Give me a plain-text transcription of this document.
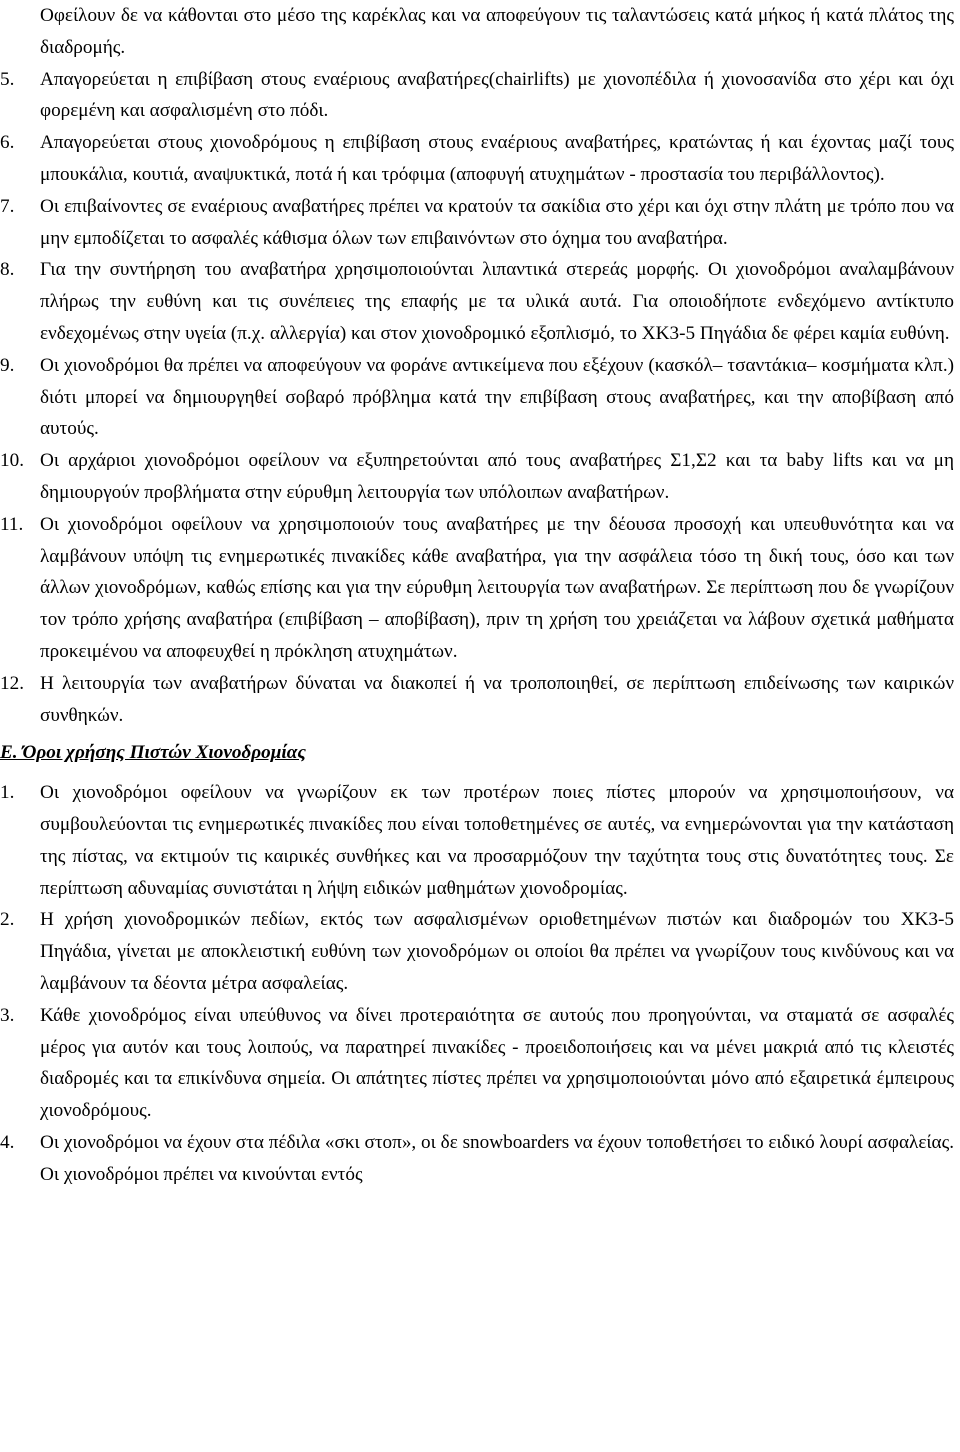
Οφείλουν δε να κάθονται στο μέσο της καρέκλας και να αποφεύγουν τις ταλαντώσεις κατά μήκος ή κατά πλάτος της διαδρομής.

5.	Απαγορεύεται η επιβίβαση στους εναέριους αναβατήρες(chairlifts) με χιονοπέδιλα ή χιονοσανίδα στο χέρι και όχι φορεμένη και ασφαλισμένη στο πόδι.
6.	Απαγορεύεται στους χιονοδρόμους η επιβίβαση στους εναέριους αναβατήρες, κρατώντας ή και έχοντας μαζί τους μπουκάλια, κουτιά, αναψυκτικά, ποτά ή και τρόφιμα (αποφυγή ατυχημάτων - προστασία του περιβάλλοντος).
7.	Οι επιβαίνοντες σε εναέριους αναβατήρες πρέπει να κρατούν τα σακίδια στο χέρι και όχι στην πλάτη με τρόπο που να μην εμποδίζεται το ασφαλές κάθισμα όλων των επιβαινόντων στο όχημα του αναβατήρα.
8.	Για την συντήρηση του αναβατήρα χρησιμοποιούνται λιπαντικά στερεάς μορφής. Οι χιονοδρόμοι αναλαμβάνουν πλήρως την ευθύνη και τις συνέπειες της επαφής με τα υλικά αυτά. Για οποιοδήποτε ενδεχόμενο αντίκτυπο ενδεχομένως στην υγεία (π.χ. αλλεργία) και στον χιονοδρομικό εξοπλισμό, το ΧΚ3-5 Πηγάδια δε φέρει καμία ευθύνη.
9.	Οι χιονοδρόμοι θα πρέπει να αποφεύγουν να φοράνε αντικείμενα που εξέχουν (κασκόλ– τσαντάκια– κοσμήματα κλπ.) διότι μπορεί να δημιουργηθεί σοβαρό πρόβλημα κατά την επιβίβαση στους αναβατήρες, και την αποβίβαση από αυτούς.
10. Οι αρχάριοι χιονοδρόμοι οφείλουν να εξυπηρετούνται από τους αναβατήρες Σ1,Σ2 και τα baby lifts και να μη δημιουργούν προβλήματα στην εύρυθμη λειτουργία των υπόλοιπων αναβατήρων.
11. Οι χιονοδρόμοι οφείλουν να χρησιμοποιούν τους αναβατήρες με την δέουσα προσοχή και υπευθυνότητα και να λαμβάνουν υπόψη τις ενημερωτικές πινακίδες κάθε αναβατήρα, για την ασφάλεια τόσο τη δική τους, όσο και των άλλων χιονοδρόμων, καθώς επίσης και για την εύρυθμη λειτουργία των αναβατήρων. Σε περίπτωση που δε γνωρίζουν τον τρόπο χρήσης αναβατήρα (επιβίβαση – αποβίβαση), πριν τη χρήση του χρειάζεται να λάβουν σχετικά μαθήματα προκειμένου να αποφευχθεί η πρόκληση ατυχημάτων.
12. Η λειτουργία των αναβατήρων δύναται να διακοπεί ή να τροποποιηθεί, σε περίπτωση επιδείνωσης των καιρικών συνθηκών.
Ε. Όροι χρήσης Πιστών Χιονοδρομίας
1.	Οι χιονοδρόμοι οφείλουν να γνωρίζουν εκ των προτέρων ποιες πίστες μπορούν να χρησιμοποιήσουν, να συμβουλεύονται τις ενημερωτικές πινακίδες που είναι τοποθετημένες σε αυτές, να ενημερώνονται για την κατάσταση της πίστας, να εκτιμούν τις καιρικές συνθήκες και να προσαρμόζουν την ταχύτητα τους στις δυνατότητες τους. Σε περίπτωση αδυναμίας συνιστάται η λήψη ειδικών μαθημάτων χιονοδρομίας.
2.	Η χρήση χιονοδρομικών πεδίων, εκτός των ασφαλισμένων οριοθετημένων πιστών και διαδρομών του ΧΚ3-5 Πηγάδια, γίνεται με αποκλειστική ευθύνη των χιονοδρόμων οι οποίοι θα πρέπει να γνωρίζουν τους κινδύνους και να λαμβάνουν τα δέοντα μέτρα ασφαλείας.
3.	Κάθε χιονοδρόμος είναι υπεύθυνος να δίνει προτεραιότητα σε αυτούς που προηγούνται, να σταματά σε ασφαλές μέρος για αυτόν και τους λοιπούς, να παρατηρεί πινακίδες - προειδοποιήσεις και να μένει μακριά από τις κλειστές διαδρομές και τα επικίνδυνα σημεία. Οι απάτητες πίστες πρέπει να χρησιμοποιούνται μόνο από εξαιρετικά έμπειρους χιονοδρόμους.
4.	Οι χιονοδρόμοι να έχουν στα πέδιλα «σκι στοπ», οι δε snowboarders να έχουν τοποθετήσει το ειδικό λουρί ασφαλείας. Οι χιονοδρόμοι πρέπει να κινούνται εντός
